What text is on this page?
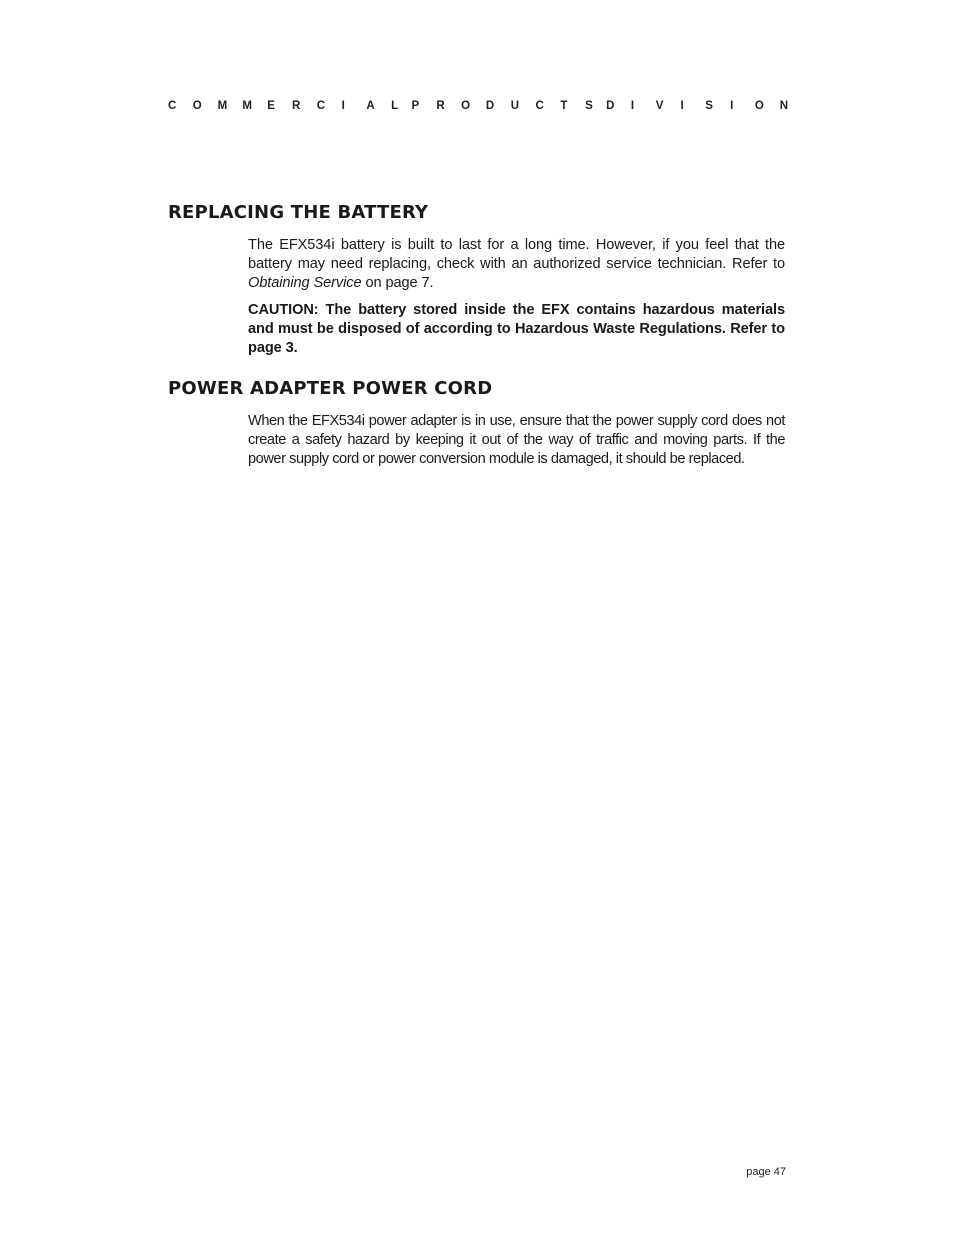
C	O	M	M	E	R	C	I	A	L P	R	O	D	U	C	T	S D	I	V	I	S	I	O	N
REPLACING THE BATTERY

The EFX534i battery is built to last for a long time. However, if you feel that the battery may need replacing, check with an authorized service technician. Refer to Obtaining Service on page 7.

CAUTION: The battery stored inside the EFX contains hazardous materials and must be disposed of according to Hazardous Waste Regulations. Refer to page 3.

POWER ADAPTER POWER CORD

When the EFX534i power adapter is in use, ensure that the power supply cord does not create a safety hazard by keeping it out of the way of traffic and moving parts. If the power supply cord or power conversion module is damaged, it should be replaced.

page 47
